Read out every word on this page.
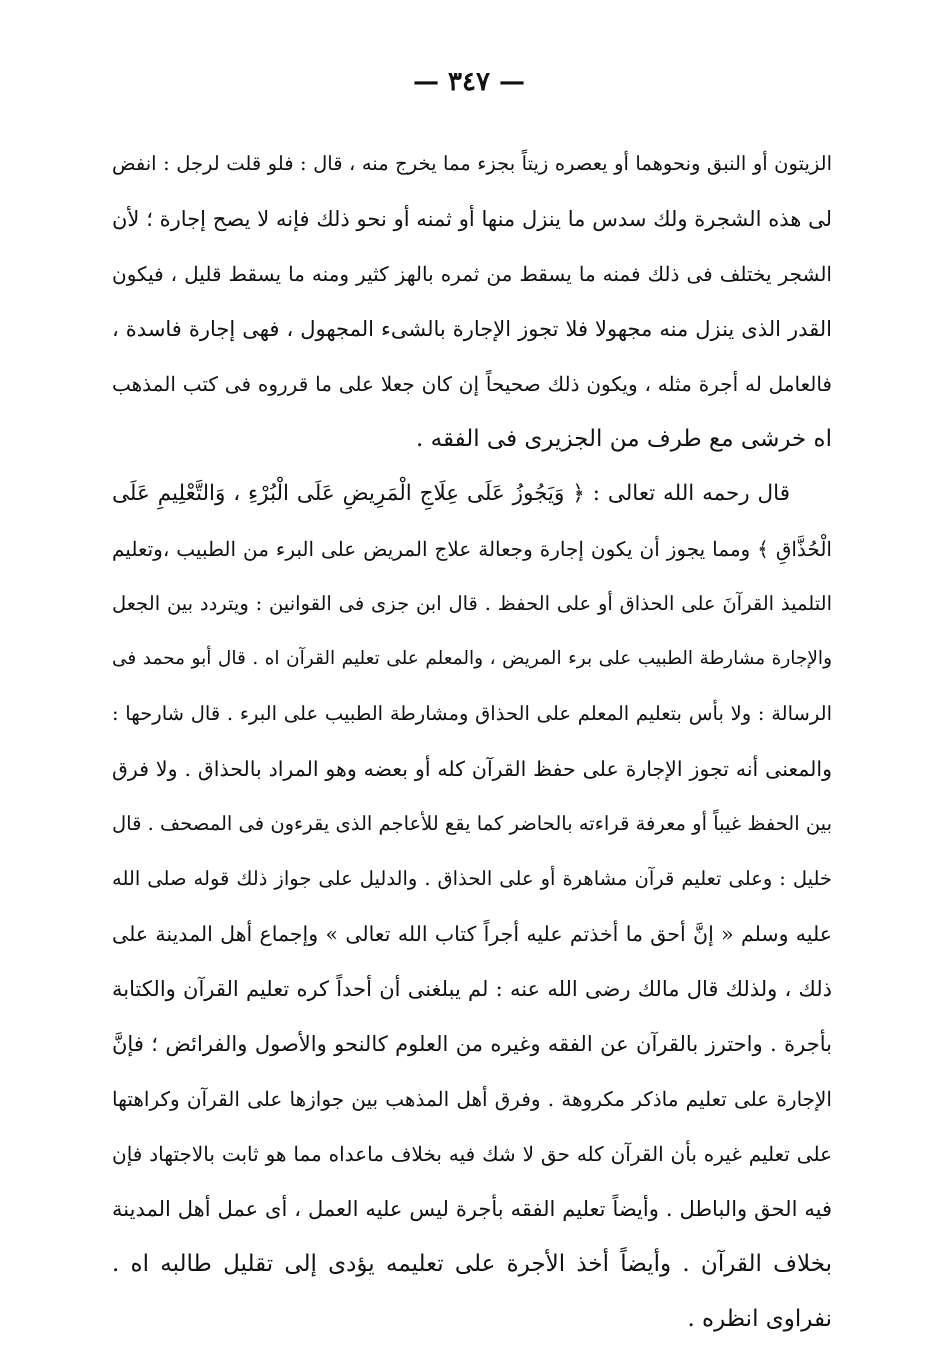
— ٣٤٧ —
الزيتون أو النبق ونحوهما أو يعصره زيتاً بجزء مما يخرج منه ، قال : فلو قلت لرجل : انفض
لى هذه الشجرة ولك سدس ما ينزل منها أو ثمنه أو نحو ذلك فإنه لا يصح إجارة ؛ لأن
الشجر يختلف فى ذلك فمنه ما يسقط من ثمره بالهز كثير ومنه ما يسقط قليل ، فيكون
القدر الذى ينزل منه مجهولا فلا تجوز الإجارة بالشىء المجهول ، فهى إجارة فاسدة ،
فالعامل له أجرة مثله ، ويكون ذلك صحيحاً إن كان جعلا على ما قرروه فى كتب المذهب
اه خرشى مع طرف من الجزيرى فى الفقه .
قال رحمه الله تعالى : ﴿ وَيَجُوزُ عَلَى عِلَاجِ الْمَرِيضِ عَلَى الْبُرْءِ ، وَالتَّعْلِيمِ عَلَى
الْحُذَّاقِ ﴾ ومما يجوز أن يكون إجارة وجعالة علاج المريض على البرء من الطبيب ،وتعليم
التلميذ القرآنَ على الحذاق أو على الحفظ . قال ابن جزى فى القوانين : ويتردد بين الجعل
والإجارة مشارطة الطبيب على برء المريض ، والمعلم على تعليم القرآن اه . قال أبو محمد فى
الرسالة : ولا بأس بتعليم المعلم على الحذاق ومشارطة الطبيب على البرء . قال شارحها :
والمعنى أنه تجوز الإجارة على حفظ القرآن كله أو بعضه وهو المراد بالحذاق . ولا فرق
بين الحفظ غيباً أو معرفة قراءته بالحاضر كما يقع للأعاجم الذى يقرءون فى المصحف . قال
خليل : وعلى تعليم قرآن مشاهرة أو على الحذاق . والدليل على جواز ذلك قوله صلى الله
عليه وسلم « إنَّ أحق ما أخذتم عليه أجراً كتاب الله تعالى » وإجماع أهل المدينة على
ذلك ، ولذلك قال مالك رضى الله عنه : لم يبلغنى أن أحداً كره تعليم القرآن والكتابة
بأجرة . واحترز بالقرآن عن الفقه وغيره من العلوم كالنحو والأصول والفرائض ؛ فإنَّ
الإجارة على تعليم ماذكر مكروهة . وفرق أهل المذهب بين جوازها على القرآن وكراهتها
على تعليم غيره بأن القرآن كله حق لا شك فيه بخلاف ماعداه مما هو ثابت بالاجتهاد فإن
فيه الحق والباطل . وأيضاً تعليم الفقه بأجرة ليس عليه العمل ، أى عمل أهل المدينة
بخلاف القرآن . وأيضاً أخذ الأجرة على تعليمه يؤدى إلى تقليل طالبه اه .
نفراوى انظره .
